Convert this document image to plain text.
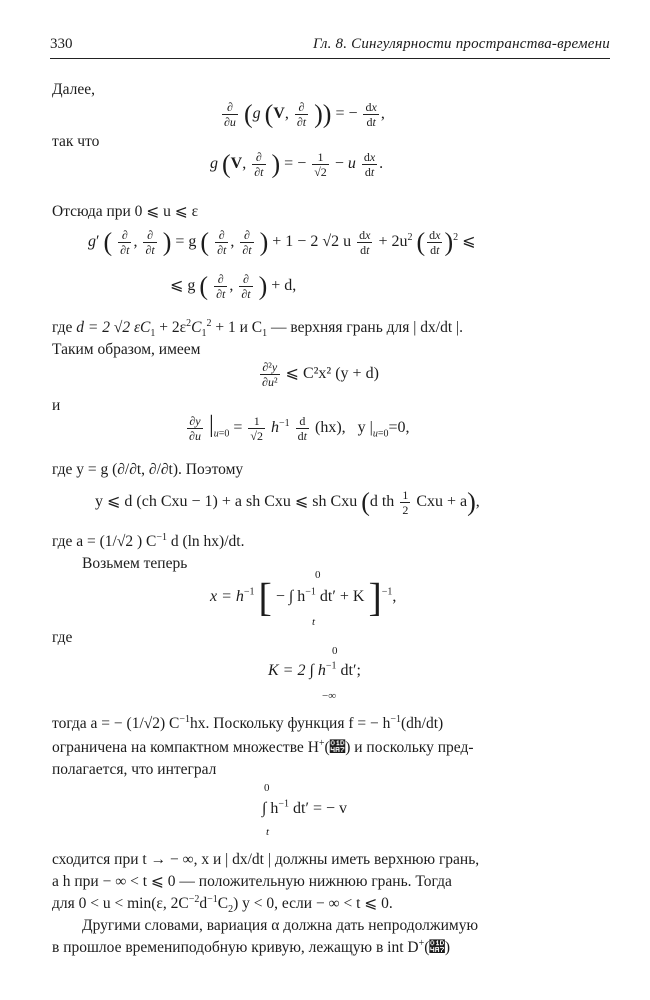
330	Гл. 8. Сингулярности пространства-времени
Далее,
∂
∂u (g (V, ∂
∂t )) = − $\frac{dx}{dt}$ ,
так что
g (V, ∂
∂t ) = − $\frac{1}{√2} - u \frac{dx}{dt}$ .
Отсюда при 0 ⩽ u ⩽ ε
g′ ( ∂
∂t , ∂
∂t ) = g ( ∂
∂t , ∂
∂t ) + 1 − 2 √2 u $\frac{dx}{dt} + 2u^2$ ( $\frac{dx}{dt} )^2$ ⩽
⩽ g ( ∂
∂t , ∂
∂t ) + d,
где d = 2 √2 $\varepsilon C_1 + 2\varepsilon^2C_1^2 + 1$ и $C_1$ — верхняя грань для | dx/dt |.
Таким образом, имеем
$\frac{\text{∂²y}}{\text{∂u²}}$ ⩽ C²x² (y + d)
и
$\frac{\partial y}{\partial u} |_{u=0} = \frac{1}{√2} h^{-1} \frac{d}{dt} (hx)$, y $|_{u=0}=0$,
где y = g (∂/∂t, ∂/∂t). Поэтому
y ⩽ d (ch Cxu − 1) + a sh Cxu ⩽ sh Cxu (d th $\frac{1}{2}$ Cxu + a),
где a = (1/√2 ) $C^{-1}$ d (ln hx)/dt.
Возьмем теперь
$x = h^{-1}$ [ − ∫ $h^{-1}$ dt′ + K ]$^{-1}$,
0
t
где
K = 2 ∫ $h^{-1}$ dt′;
0
−∞
тогда a = − (1/√2) $C^{-1}hx$. Поскольку функция f = − $h^{-1}(dh/dt)$
ограничена на компактном множестве H+(𝒧) и поскольку пред-
полагается, что интеграл
∫ $h^{-1}$ dt′ = − v
0
t
сходится при t → − ∞, x и | dx/dt | должны иметь верхнюю грань,
а h при − ∞ < t ⩽ 0 — положительную нижнюю грань. Тогда
для 0 < u < min(ε, $2C^{-2}d^{-1}C_2$) y < 0, если − ∞ < t ⩽ 0.
Другими словами, вариация α должна дать непродолжимую
в прошлое времениподобную кривую, лежащую в int D+(𝒧)
